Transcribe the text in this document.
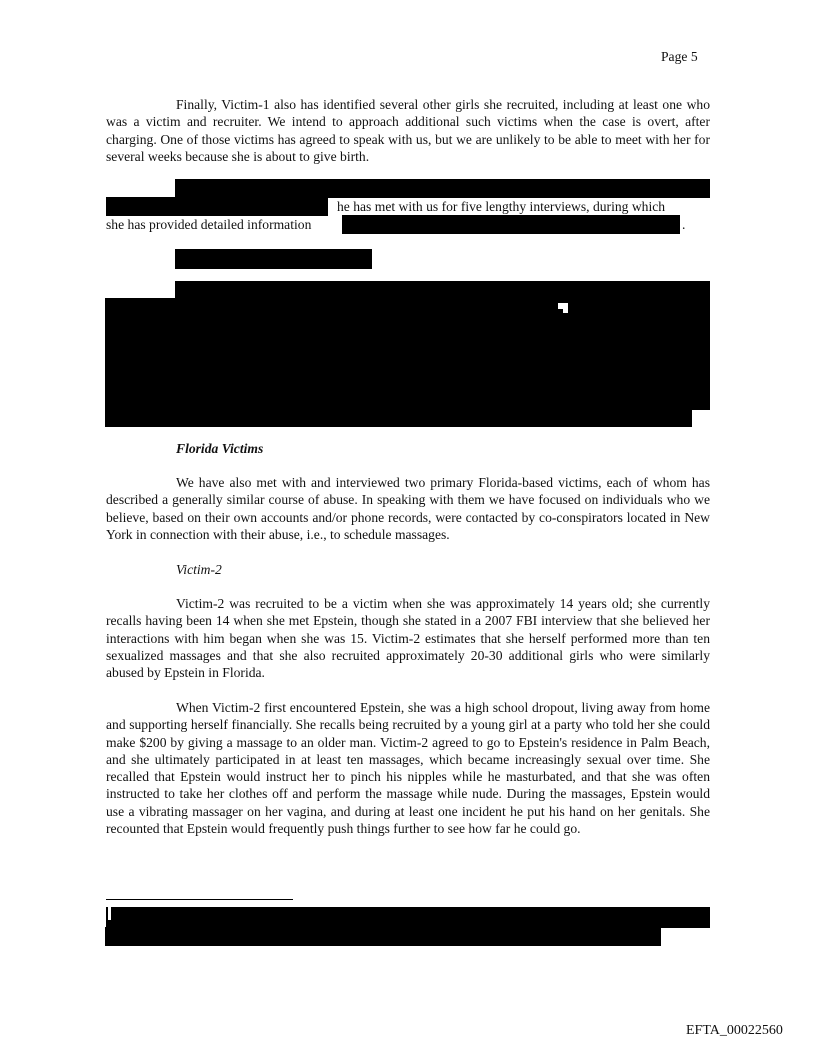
Page 5

Finally, Victim-1 also has identified several other girls she recruited, including at least one who was a victim and recruiter. We intend to approach additional such victims when the case is overt, after charging. One of those victims has agreed to speak with us, but we are unlikely to be able to meet with her for several weeks because she is about to give birth.

he has met with us for five lengthy interviews, during which
she has provided detailed information	.
Florida Victims

We have also met with and interviewed two primary Florida-based victims, each of whom has described a generally similar course of abuse. In speaking with them we have focused on individuals who we believe, based on their own accounts and/or phone records, were contacted by co-conspirators located in New York in connection with their abuse, i.e., to schedule massages.

Victim-2

Victim-2 was recruited to be a victim when she was approximately 14 years old; she currently recalls having been 14 when she met Epstein, though she stated in a 2007 FBI interview that she believed her interactions with him began when she was 15. Victim-2 estimates that she herself performed more than ten sexualized massages and that she also recruited approximately 20-30 additional girls who were similarly abused by Epstein in Florida.

When Victim-2 first encountered Epstein, she was a high school dropout, living away from home and supporting herself financially. She recalls being recruited by a young girl at a party who told her she could make $200 by giving a massage to an older man. Victim-2 agreed to go to Epstein's residence in Palm Beach, and she ultimately participated in at least ten massages, which became increasingly sexual over time. She recalled that Epstein would instruct her to pinch his nipples while he masturbated, and that she was often instructed to take her clothes off and perform the massage while nude. During the massages, Epstein would use a vibrating massager on her vagina, and during at least one incident he put his hand on her genitals. She recounted that Epstein would frequently push things further to see how far he could go.

EFTA_00022560
